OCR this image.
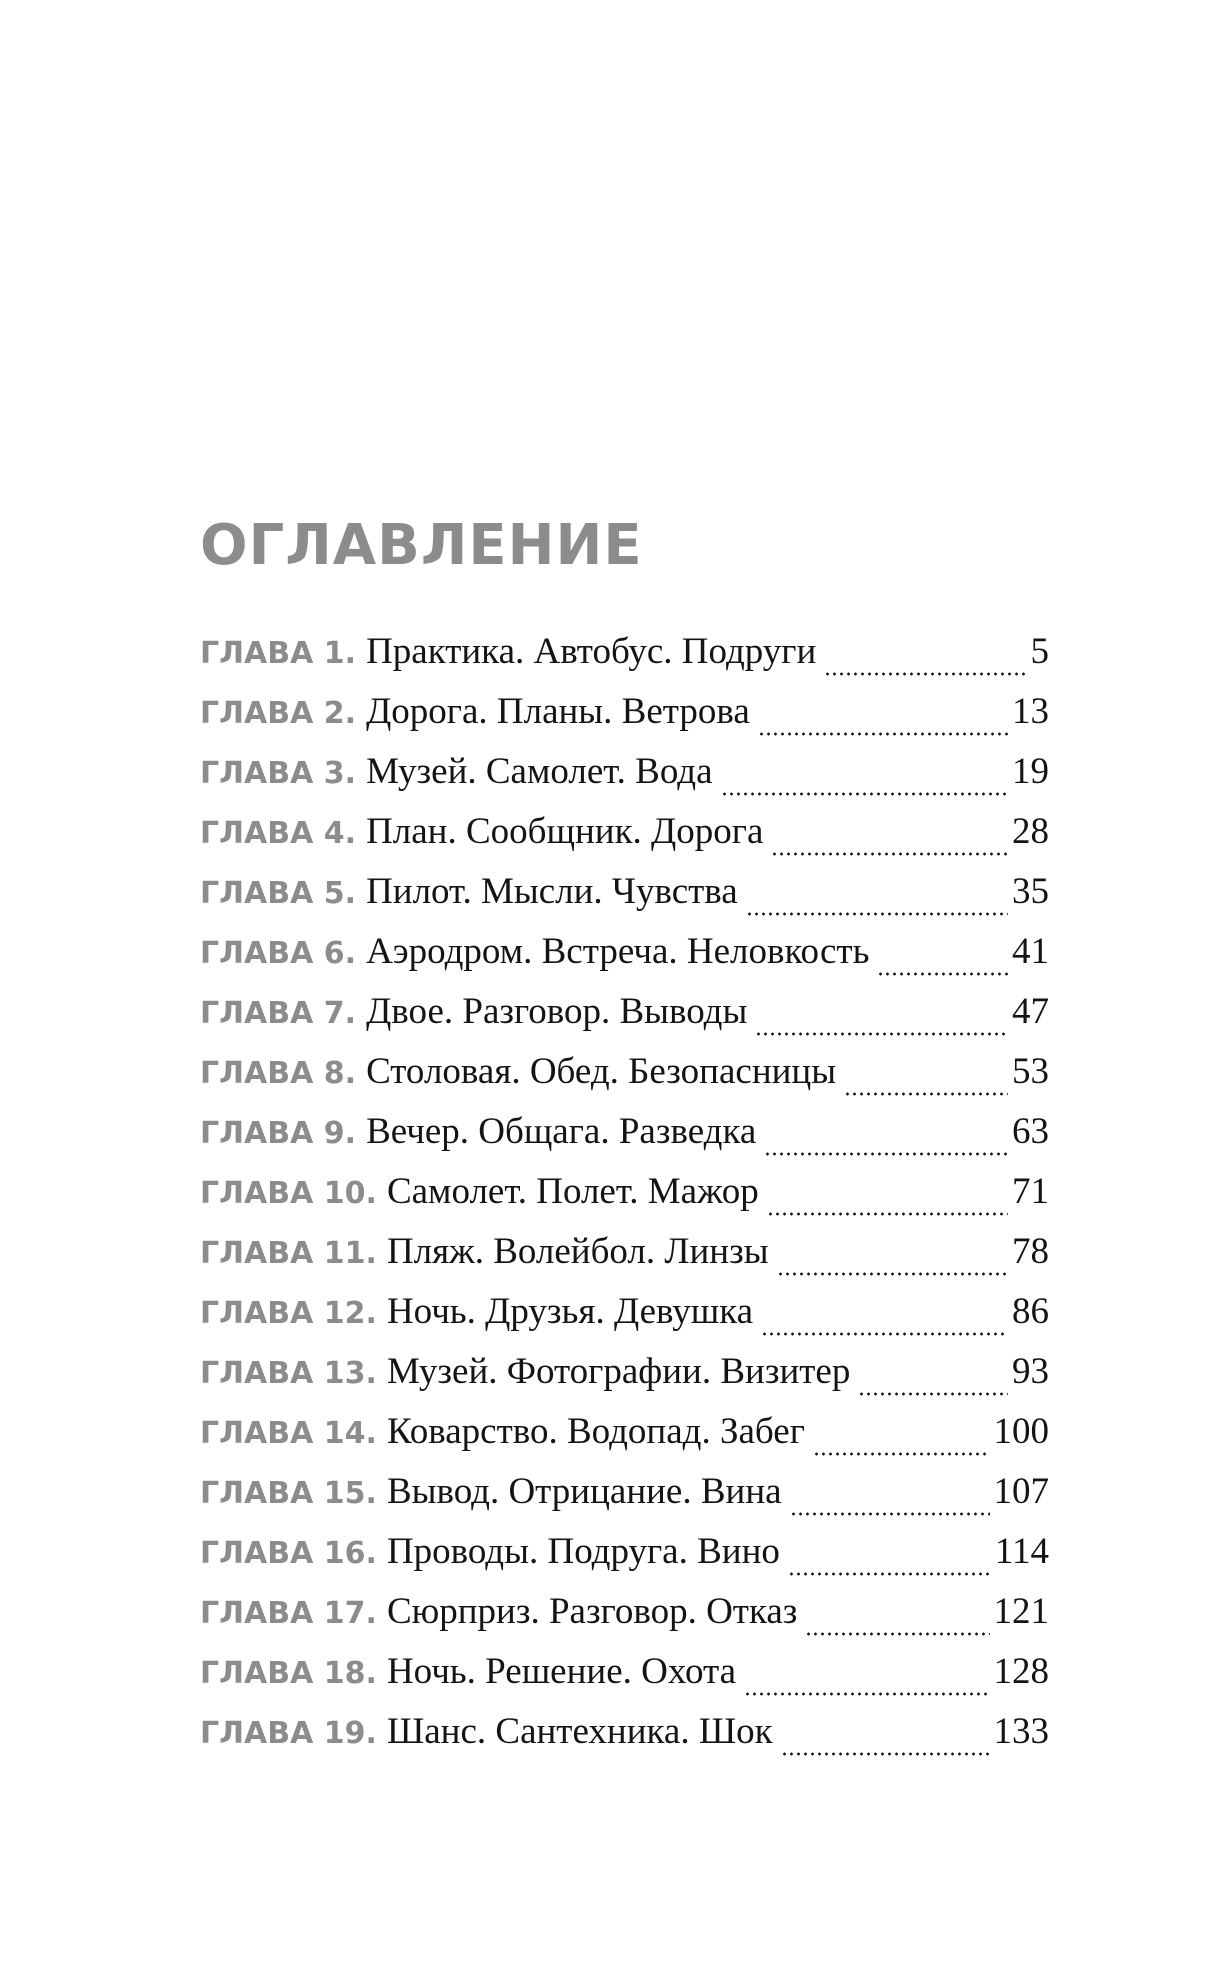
ОГЛАВЛЕНИЕ
ГЛАВА 1. Практика. Автобус. Подруги	5
ГЛАВА 2. Дорога. Планы. Ветрова	13
ГЛАВА 3. Музей. Самолет. Вода	19
ГЛАВА 4. План. Сообщник. Дорога	28
ГЛАВА 5. Пилот. Мысли. Чувства	35
ГЛАВА 6. Аэродром. Встреча. Неловкость	41
ГЛАВА 7. Двое. Разговор. Выводы	47
ГЛАВА 8. Столовая. Обед. Безопасницы	53
ГЛАВА 9. Вечер. Общага. Разведка	63
ГЛАВА 10. Самолет. Полет. Мажор	71
ГЛАВА 11. Пляж. Волейбол. Линзы	78
ГЛАВА 12. Ночь. Друзья. Девушка	86
ГЛАВА 13. Музей. Фотографии. Визитер	93
ГЛАВА 14. Коварство. Водопад. Забег	100
ГЛАВА 15. Вывод. Отрицание. Вина	107
ГЛАВА 16. Проводы. Подруга. Вино	114
ГЛАВА 17. Сюрприз. Разговор. Отказ	121
ГЛАВА 18. Ночь. Решение. Охота	128
ГЛАВА 19. Шанс. Сантехника. Шок	133
